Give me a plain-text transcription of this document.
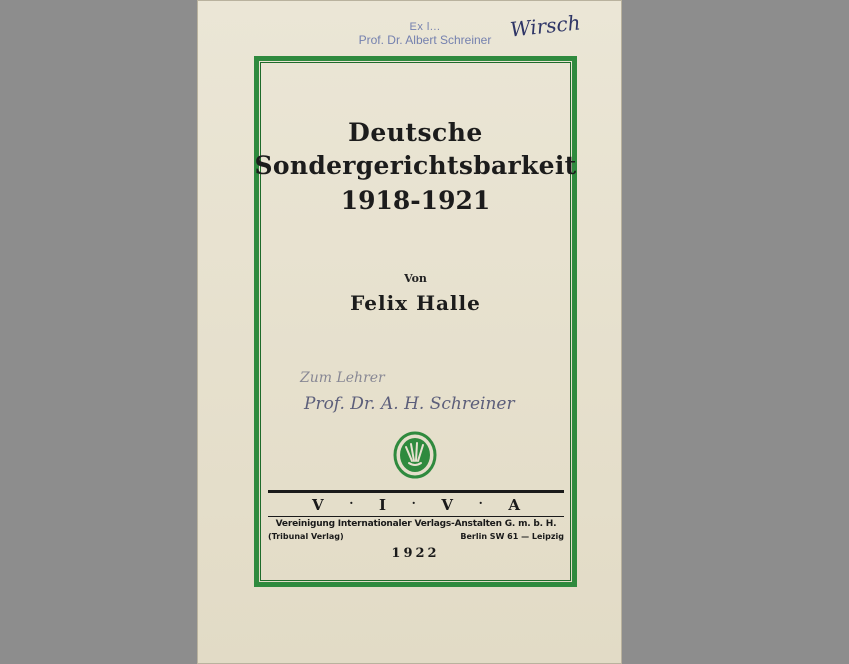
Ex l...
Prof. Dr. Albert Schreiner Wirsch
Deutsche
Sondergerichtsbarkeit
1918-1921
Von
Felix Halle
Zum Lehrer
Prof. Dr. A. H. Schreiner
V · I · V · A
Vereinigung Internationaler Verlags-Anstalten G. m. b. H.
(Tribunal Verlag)	Berlin SW 61 — Leipzig
1922
